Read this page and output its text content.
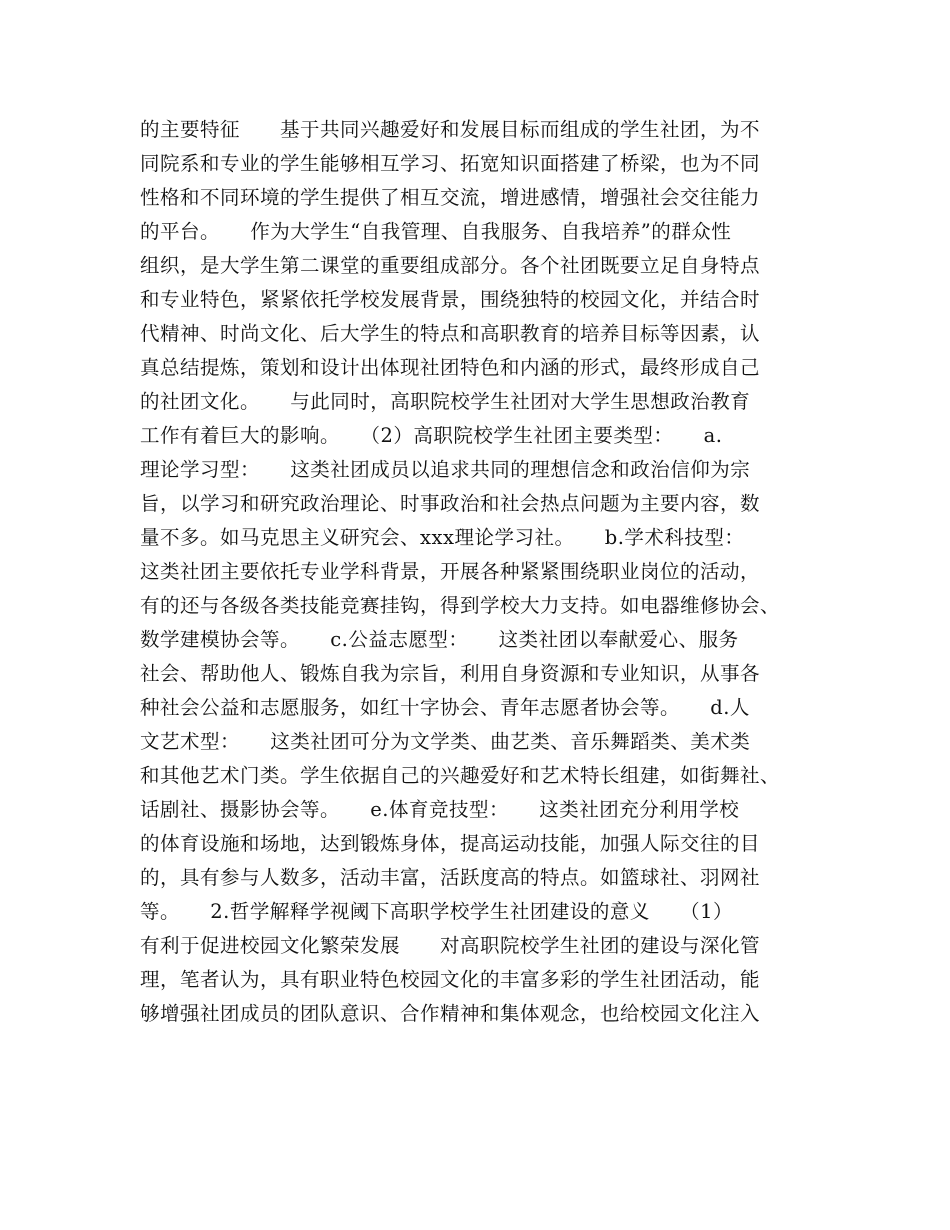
的主要特征　　基于共同兴趣爱好和发展目标而组成的学生社团，为不
同院系和专业的学生能够相互学习、拓宽知识面搭建了桥梁，也为不同
性格和不同环境的学生提供了相互交流，增进感情，增强社会交往能力
的平台。　　作为大学生“自我管理、自我服务、自我培养”的群众性
组织，是大学生第二课堂的重要组成部分。各个社团既要立足自身特点
和专业特色，紧紧依托学校发展背景，围绕独特的校园文化，并结合时
代精神、时尚文化、后大学生的特点和高职教育的培养目标等因素，认
真总结提炼，策划和设计出体现社团特色和内涵的形式，最终形成自己
的社团文化。　　与此同时，高职院校学生社团对大学生思想政治教育
工作有着巨大的影响。　　（2）高职院校学生社团主要类型：　　a.
理论学习型：　　这类社团成员以追求共同的理想信念和政治信仰为宗
旨，以学习和研究政治理论、时事政治和社会热点问题为主要内容，数
量不多。如马克思主义研究会、xxx理论学习社。　　b.学术科技型：
这类社团主要依托专业学科背景，开展各种紧紧围绕职业岗位的活动，
有的还与各级各类技能竞赛挂钩，得到学校大力支持。如电器维修协会、
数学建模协会等。　　c.公益志愿型：　　这类社团以奉献爱心、服务
社会、帮助他人、锻炼自我为宗旨，利用自身资源和专业知识，从事各
种社会公益和志愿服务，如红十字协会、青年志愿者协会等。　　d.人
文艺术型：　　这类社团可分为文学类、曲艺类、音乐舞蹈类、美术类
和其他艺术门类。学生依据自己的兴趣爱好和艺术特长组建，如街舞社、
话剧社、摄影协会等。　　e.体育竞技型：　　这类社团充分利用学校
的体育设施和场地，达到锻炼身体，提高运动技能，加强人际交往的目
的，具有参与人数多，活动丰富，活跃度高的特点。如篮球社、羽网社
等。　　2.哲学解释学视阈下高职学校学生社团建设的意义　　（1）
有利于促进校园文化繁荣发展　　对高职院校学生社团的建设与深化管
理，笔者认为，具有职业特色校园文化的丰富多彩的学生社团活动，能
够增强社团成员的团队意识、合作精神和集体观念，也给校园文化注入
